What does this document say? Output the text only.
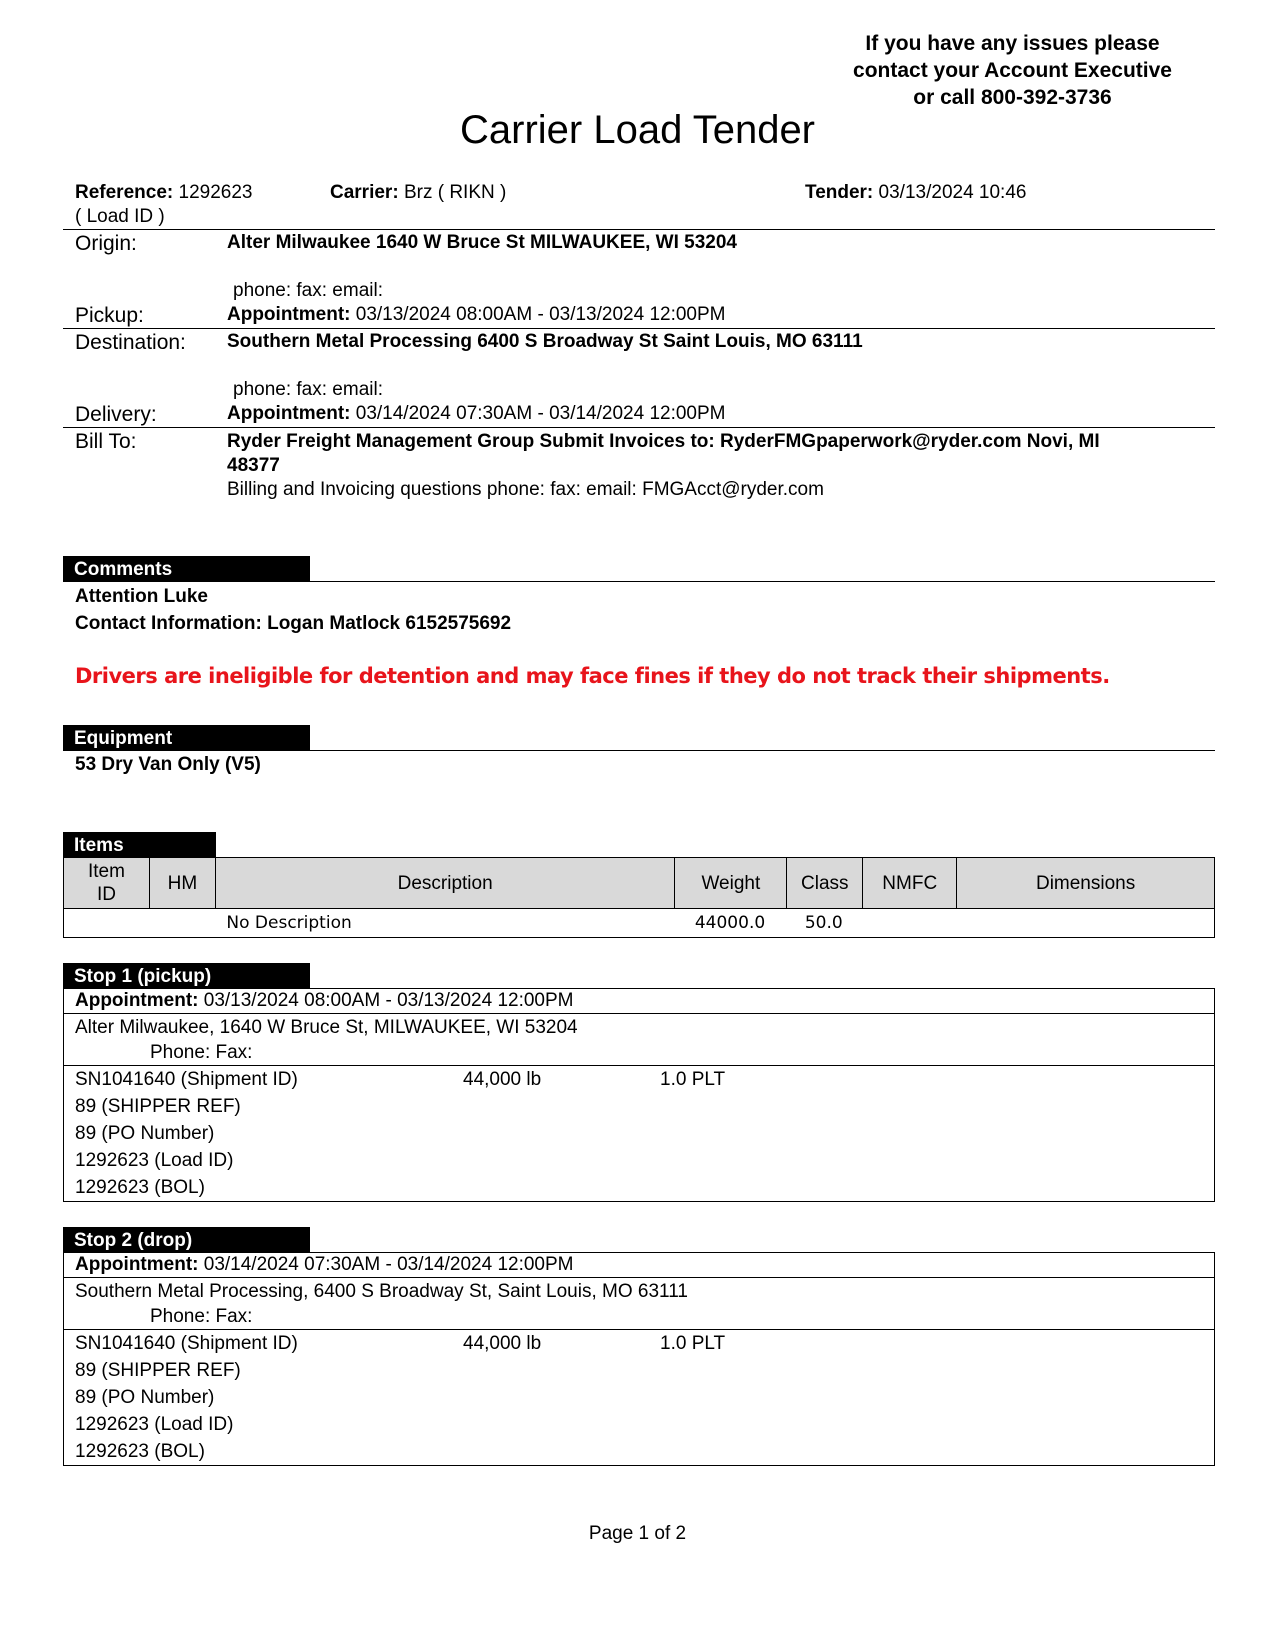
If you have any issues please
contact your Account Executive
or call 800-392-3736
Carrier Load Tender
Reference: 1292623
( Load ID )
Carrier: Brz ( RIKN )	Tender: 03/13/2024 10:46
Origin:	Alter Milwaukee 1640 W Bruce St MILWAUKEE, WI 53204
phone: fax: email:
Pickup:	Appointment: 03/13/2024 08:00AM - 03/13/2024 12:00PM
Destination: Southern Metal Processing 6400 S Broadway St Saint Louis, MO 63111
phone: fax: email:
Delivery:	Appointment: 03/14/2024 07:30AM - 03/14/2024 12:00PM
Bill To:	Ryder Freight Management Group Submit Invoices to: RyderFMGpaperwork@ryder.com Novi, MI
48377
Billing and Invoicing questions phone: fax: email: FMGAcct@ryder.com
Comments
Attention Luke
Contact Information: Logan Matlock 6152575692
Drivers are ineligible for detention and may face fines if they do not track their shipments.
Equipment
53 Dry Van Only (V5)
Items
Item ID	HM	Description	Weight	Class	NMFC	Dimensions
		No Description	44000.0	50.0		
Stop 1 (pickup)
Appointment: 03/13/2024 08:00AM - 03/13/2024 12:00PM
Alter Milwaukee, 1640 W Bruce St, MILWAUKEE, WI 53204
Phone: Fax:
SN1041640 (Shipment ID)	44,000 lb	1.0 PLT
89 (SHIPPER REF)
89 (PO Number)
1292623 (Load ID)
1292623 (BOL)
Stop 2 (drop)
Appointment: 03/14/2024 07:30AM - 03/14/2024 12:00PM
Southern Metal Processing, 6400 S Broadway St, Saint Louis, MO 63111
Phone: Fax:
SN1041640 (Shipment ID)	44,000 lb	1.0 PLT
89 (SHIPPER REF)
89 (PO Number)
1292623 (Load ID)
1292623 (BOL)
Page 1 of 2
